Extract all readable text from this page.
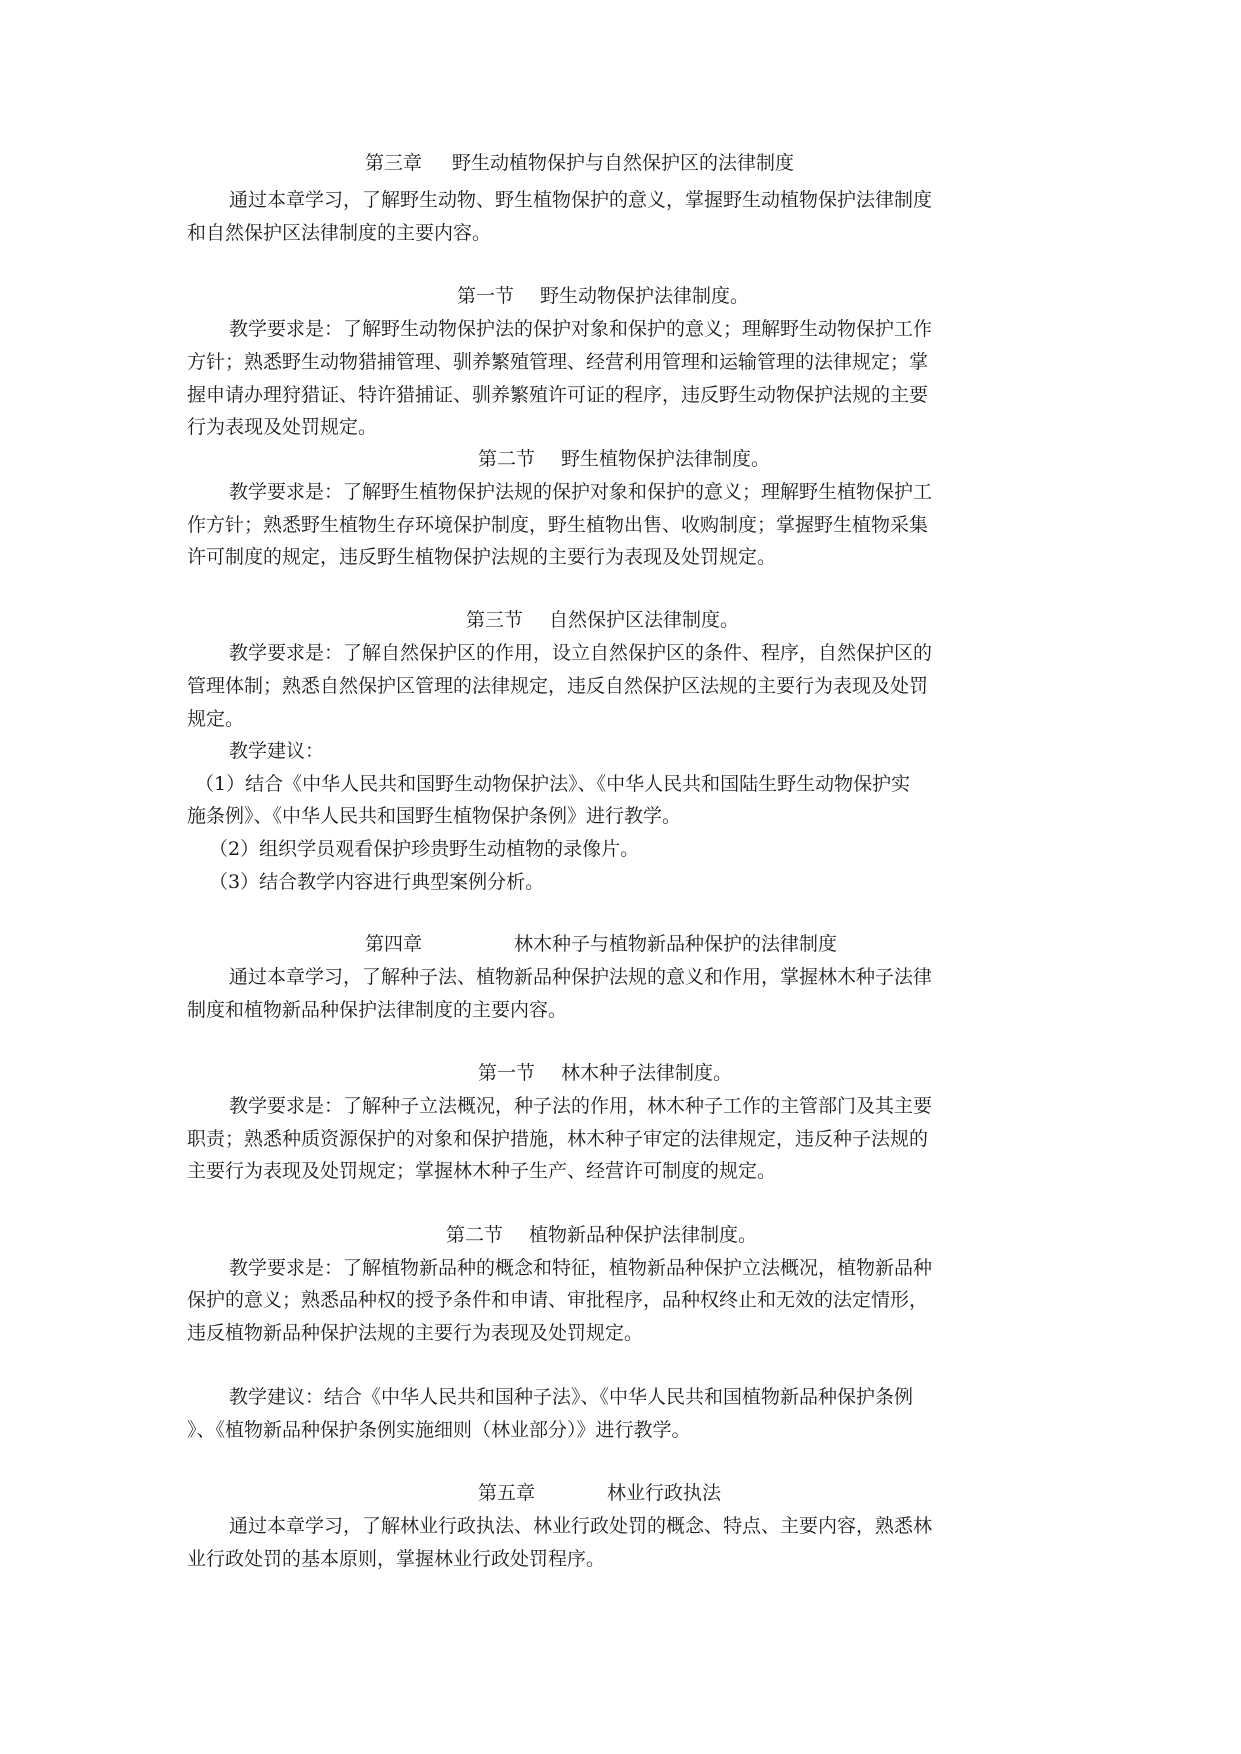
第三章 野生动植物保护与自然保护区的法律制度
通过本章学习，了解野生动物、野生植物保护的意义，掌握野生动植物保护法律制度
和自然保护区法律制度的主要内容。
第一节 野生动物保护法律制度。
教学要求是：了解野生动物保护法的保护对象和保护的意义；理解野生动物保护工作
方针；熟悉野生动物猎捕管理、驯养繁殖管理、经营利用管理和运输管理的法律规定；掌
握申请办理狩猎证、特许猎捕证、驯养繁殖许可证的程序，违反野生动物保护法规的主要
行为表现及处罚规定。
第二节 野生植物保护法律制度。
教学要求是：了解野生植物保护法规的保护对象和保护的意义；理解野生植物保护工
作方针；熟悉野生植物生存环境保护制度，野生植物出售、收购制度；掌握野生植物采集
许可制度的规定，违反野生植物保护法规的主要行为表现及处罚规定。
第三节 自然保护区法律制度。
教学要求是：了解自然保护区的作用，设立自然保护区的条件、程序，自然保护区的
管理体制；熟悉自然保护区管理的法律规定，违反自然保护区法规的主要行为表现及处罚
规定。
教学建议：
（1）结合《中华人民共和国野生动物保护法》、《中华人民共和国陆生野生动物保护实
施条例》、《中华人民共和国野生植物保护条例》进行教学。
（2）组织学员观看保护珍贵野生动植物的录像片。
（3）结合教学内容进行典型案例分析。
第四章	林木种子与植物新品种保护的法律制度
通过本章学习，了解种子法、植物新品种保护法规的意义和作用，掌握林木种子法律
制度和植物新品种保护法律制度的主要内容。
第一节 林木种子法律制度。
教学要求是：了解种子立法概况，种子法的作用，林木种子工作的主管部门及其主要
职责；熟悉种质资源保护的对象和保护措施，林木种子审定的法律规定，违反种子法规的
主要行为表现及处罚规定；掌握林木种子生产、经营许可制度的规定。
第二节 植物新品种保护法律制度。
教学要求是：了解植物新品种的概念和特征，植物新品种保护立法概况，植物新品种
保护的意义；熟悉品种权的授予条件和申请、审批程序，品种权终止和无效的法定情形，
违反植物新品种保护法规的主要行为表现及处罚规定。
教学建议：结合《中华人民共和国种子法》、《中华人民共和国植物新品种保护条例
》、《植物新品种保护条例实施细则（林业部分）》进行教学。
第五章	林业行政执法
通过本章学习，了解林业行政执法、林业行政处罚的概念、特点、主要内容，熟悉林
业行政处罚的基本原则，掌握林业行政处罚程序。
